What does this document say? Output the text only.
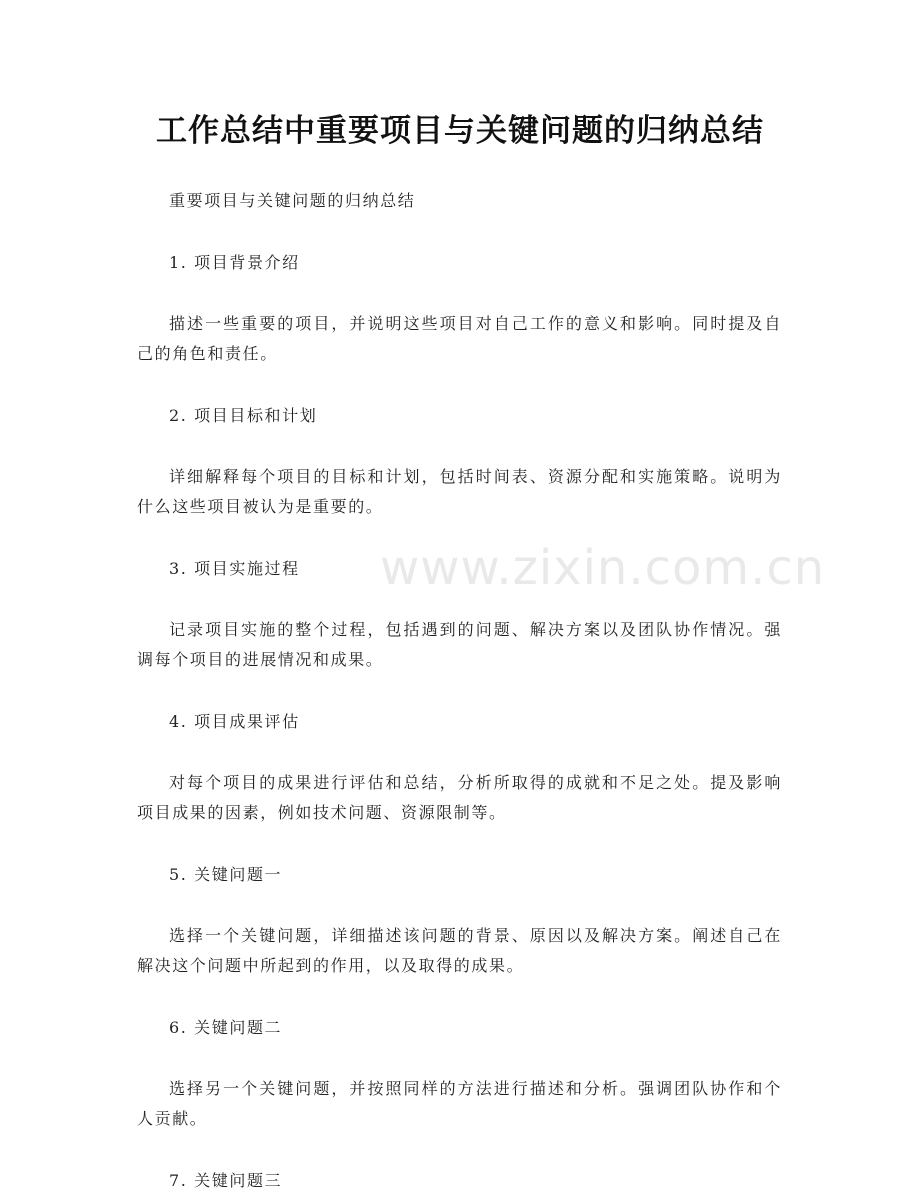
www.zixin.com.cn
工作总结中重要项目与关键问题的归纳总结

重要项目与关键问题的归纳总结

1. 项目背景介绍

描述一些重要的项目，并说明这些项目对自己工作的意义和影响。同时提及自己的角色和责任。

2. 项目目标和计划

详细解释每个项目的目标和计划，包括时间表、资源分配和实施策略。说明为什么这些项目被认为是重要的。

3. 项目实施过程

记录项目实施的整个过程，包括遇到的问题、解决方案以及团队协作情况。强调每个项目的进展情况和成果。

4. 项目成果评估

对每个项目的成果进行评估和总结，分析所取得的成就和不足之处。提及影响项目成果的因素，例如技术问题、资源限制等。

5. 关键问题一

选择一个关键问题，详细描述该问题的背景、原因以及解决方案。阐述自己在解决这个问题中所起到的作用，以及取得的成果。

6. 关键问题二

选择另一个关键问题，并按照同样的方法进行描述和分析。强调团队协作和个人贡献。

7. 关键问题三
